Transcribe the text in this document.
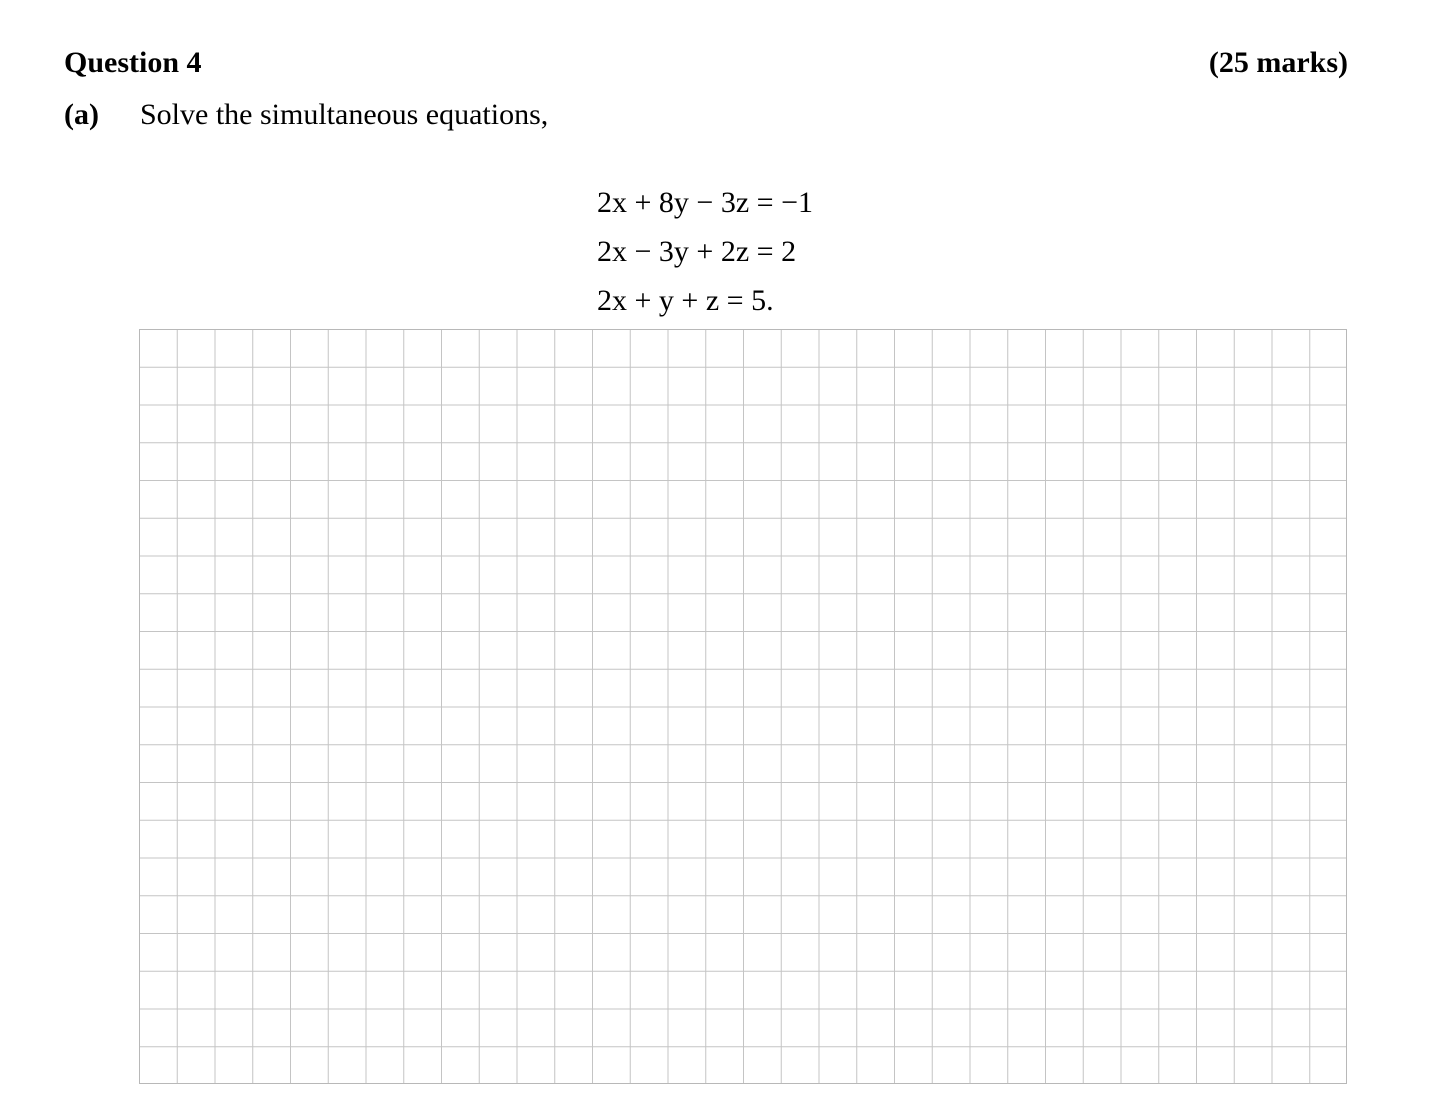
Question 4	(25 marks)
(a) Solve the simultaneous equations,
2x + 8y − 3z = −1
2x − 3y + 2z = 2
2x + y + z = 5.
